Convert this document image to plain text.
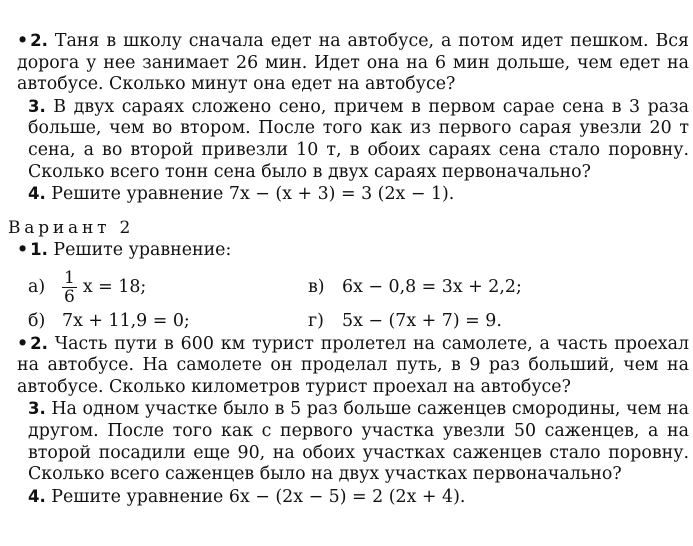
• 2. Таня в школу сначала едет на автобусе, а потом идет пешком. Вся дорога у нее занимает 26 мин. Идет она на 6 мин дольше, чем едет на автобусе. Сколько минут она едет на автобусе?

3. В двух сараях сложено сено, причем в первом сарае сена в 3 раза больше, чем во втором. После того как из первого сарая увезли 20 т сена, а во второй привезли 10 т, в обоих сараях сена стало поровну. Сколько всего тонн сена было в двух сараях первоначально?

4. Решите уравнение 7x − (x + 3) = 3 (2x − 1).

Вариант 2

• 1. Решите уравнение:

$а) \frac{1}{6}$ x = 18;	в)	6x − 0,8 = 3x + 2,2;
б) 7x + 11,9 = 0;	г)	5x − (7x + 7) = 9.

• 2. Часть пути в 600 км турист пролетел на самолете, а часть проехал на автобусе. На самолете он проделал путь, в 9 раз больший, чем на автобусе. Сколько километров турист проехал на автобусе?

3. На одном участке было в 5 раз больше саженцев смородины, чем на другом. После того как с первого участка увезли 50 саженцев, а на второй посадили еще 90, на обоих участках саженцев стало поровну. Сколько всего саженцев было на двух участках первоначально?

4. Решите уравнение 6x − (2x − 5) = 2 (2x + 4).
